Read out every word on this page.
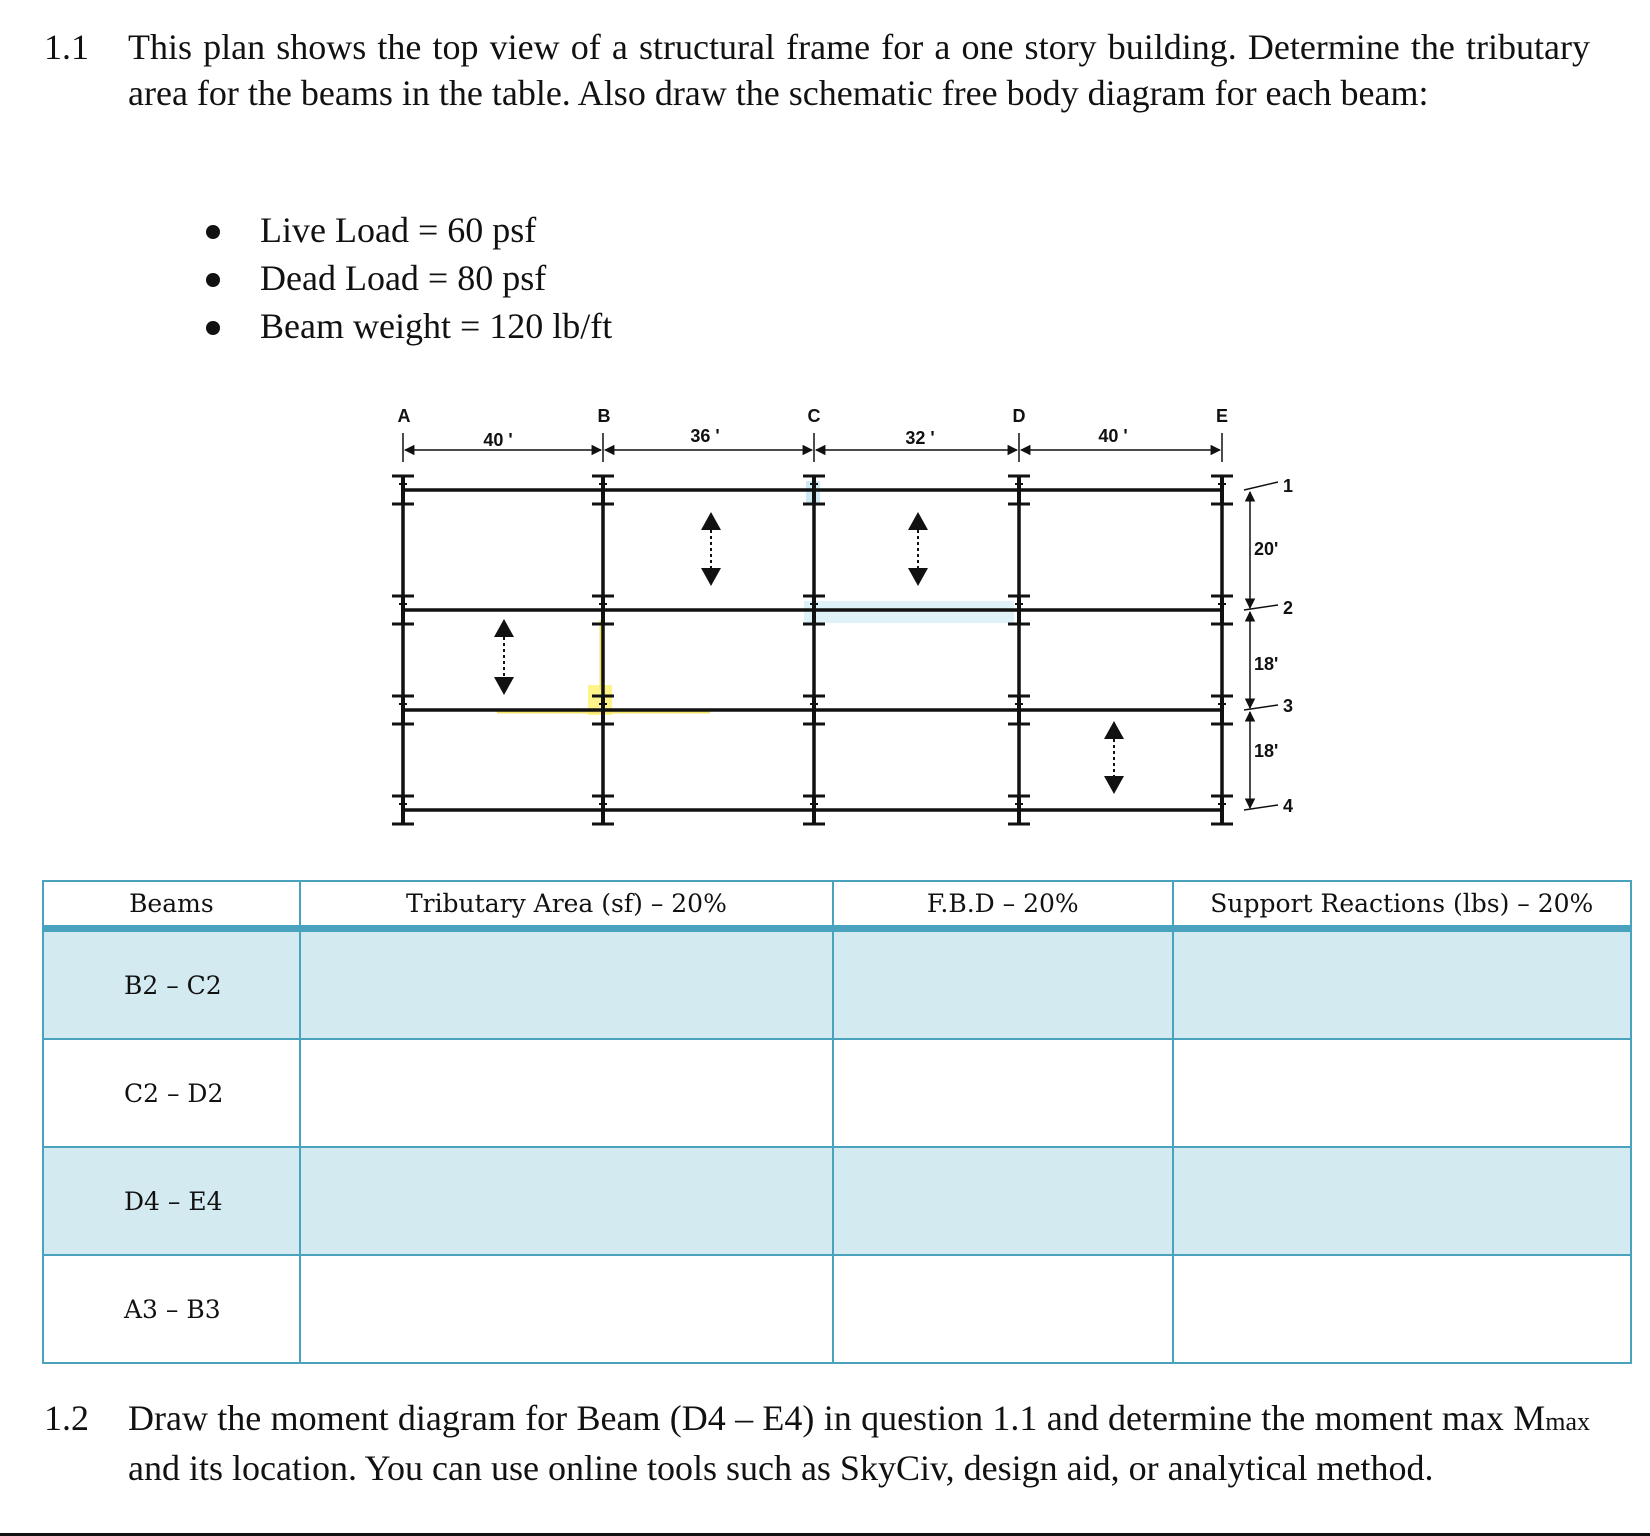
1.1 This plan shows the top view of a structural frame for a one story building. Determine the tributary area for the beams in the table. Also draw the schematic free body diagram for each beam:
Live Load = 60 psf
Dead Load = 80 psf
Beam weight = 120 lb/ft
A	B	C	D	E
40 '	36 '	32 '	40 '
1
2
3
4
20'
18'
18'
Beams	Tributary Area (sf) – 20%	F.B.D – 20%	Support Reactions (lbs) – 20%
B2 – C2			
C2 – D2			
D4 – E4			
A3 – B3			
1.2 Draw the moment diagram for Beam (D4 – E4) in question 1.1 and determine the moment max Mmax and its location. You can use online tools such as SkyCiv, design aid, or analytical method.
